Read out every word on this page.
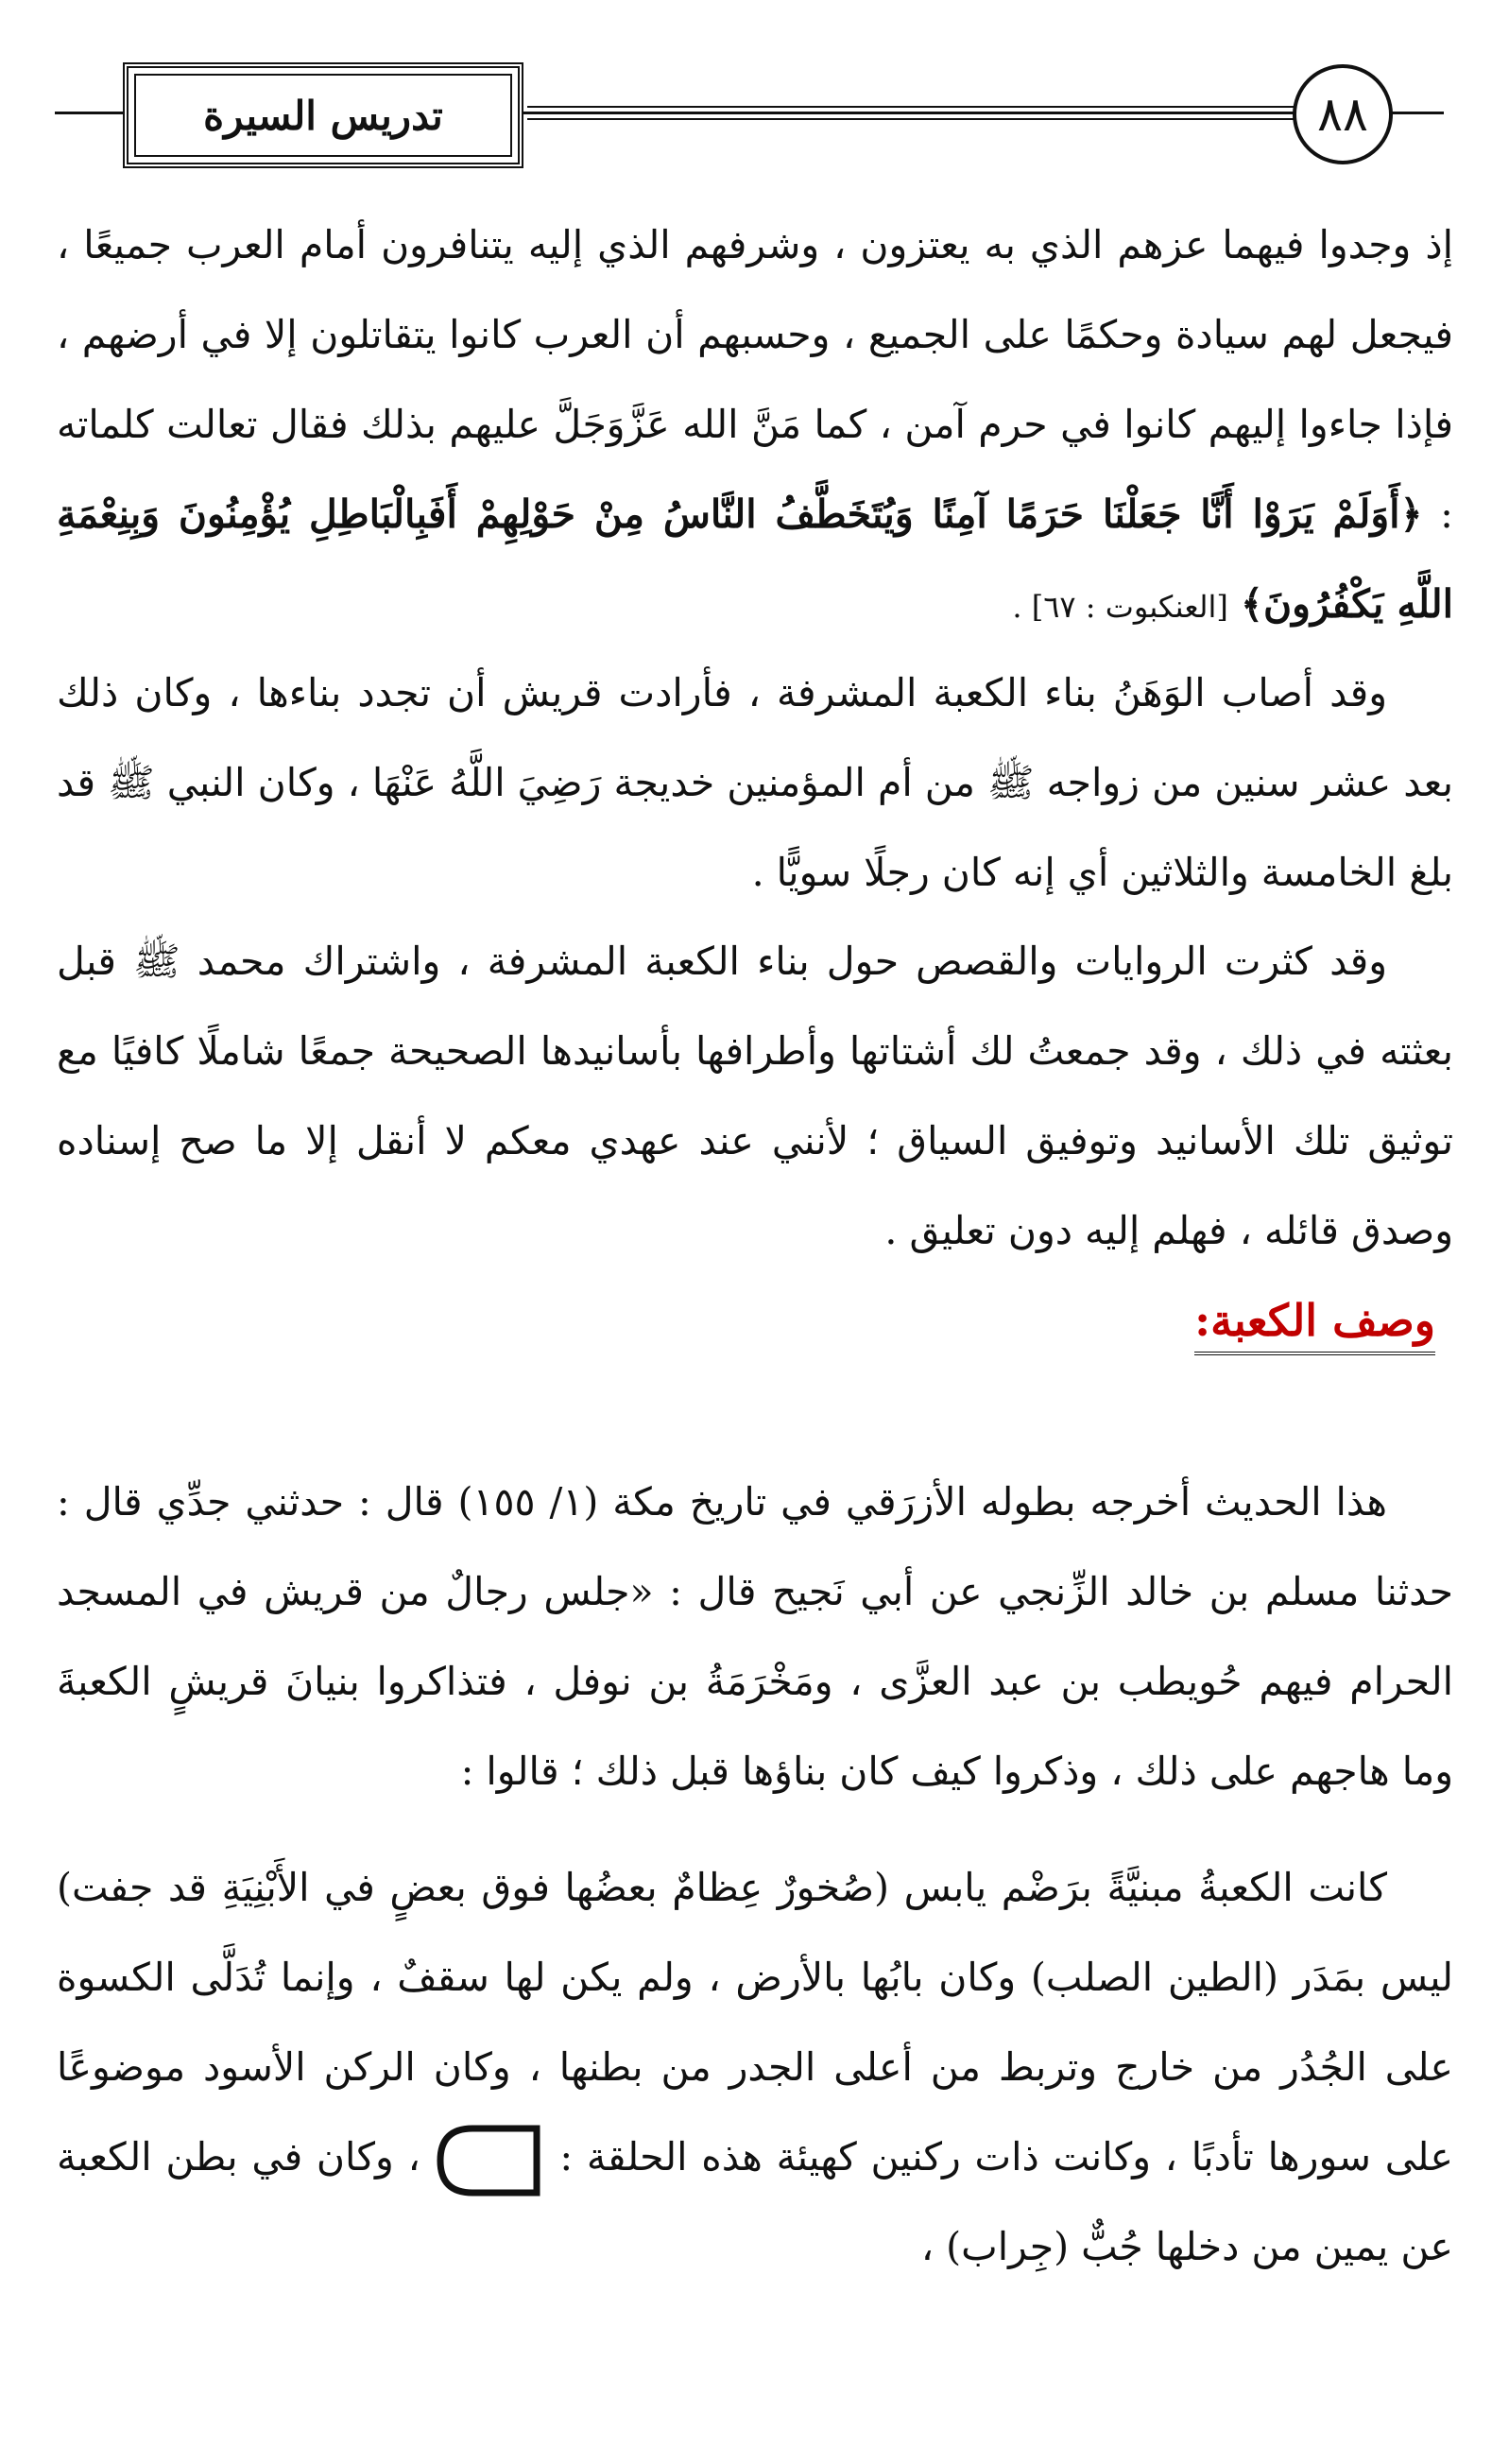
تدريس السيرة	٨٨

إذ وجدوا فيهما عزهم الذي به يعتزون ، وشرفهم الذي إليه يتنافرون أمام العرب جميعًا ، فيجعل لهم سيادة وحكمًا على الجميع ، وحسبهم أن العرب كانوا يتقاتلون إلا في أرضهم ، فإذا جاءوا إليهم كانوا في حرم آمن ، كما مَنَّ الله عَزَّوَجَلَّ عليهم بذلك فقال تعالت كلماته : ﴿أَوَلَمْ يَرَوْا أَنَّا جَعَلْنَا حَرَمًا آمِنًا وَيُتَخَطَّفُ النَّاسُ مِنْ حَوْلِهِمْ أَفَبِالْبَاطِلِ يُؤْمِنُونَ وَبِنِعْمَةِ اللَّهِ يَكْفُرُونَ﴾ [العنكبوت : ٦٧] .

وقد أصاب الوَهَنُ بناء الكعبة المشرفة ، فأرادت قريش أن تجدد بناءها ، وكان ذلك بعد عشر سنين من زواجه ﷺ من أم المؤمنين خديجة رَضِيَ اللَّهُ عَنْهَا ، وكان النبي ﷺ قد بلغ الخامسة والثلاثين أي إنه كان رجلًا سويًّا .

وقد كثرت الروايات والقصص حول بناء الكعبة المشرفة ، واشتراك محمد ﷺ قبل بعثته في ذلك ، وقد جمعتُ لك أشتاتها وأطرافها بأسانيدها الصحيحة جمعًا شاملًا كافيًا مع توثيق تلك الأسانيد وتوفيق السياق ؛ لأنني عند عهدي معكم لا أنقل إلا ما صح إسناده وصدق قائله ، فهلم إليه دون تعليق .

وصف الكعبة:

هذا الحديث أخرجه بطوله الأزرَقي في تاريخ مكة (١/ ١٥٥) قال : حدثني جدِّي قال : حدثنا مسلم بن خالد الزِّنجي عن أبي نَجيح قال : «جلس رجالٌ من قريش في المسجد الحرام فيهم حُويطب بن عبد العزَّى ، ومَخْرَمَةُ بن نوفل ، فتذاكروا بنيانَ قريشٍ الكعبةَ وما هاجهم على ذلك ، وذكروا كيف كان بناؤها قبل ذلك ؛ قالوا :

كانت الكعبةُ مبنيَّةً برَضْم يابس (صُخورٌ عِظامٌ بعضُها فوق بعضٍ في الأَبْنِيَةِ قد جفت) ليس بمَدَر (الطين الصلب) وكان بابُها بالأرض ، ولم يكن لها سقفٌ ، وإنما تُدَلَّى الكسوة على الجُدُر من خارج وتربط من أعلى الجدر من بطنها ، وكان الركن الأسود موضوعًا على سورها تأدبًا ، وكانت ذات ركنين كهيئة هذه الحلقة :  ، وكان في بطن الكعبة عن يمين من دخلها جُبٌّ (جِراب) ،
